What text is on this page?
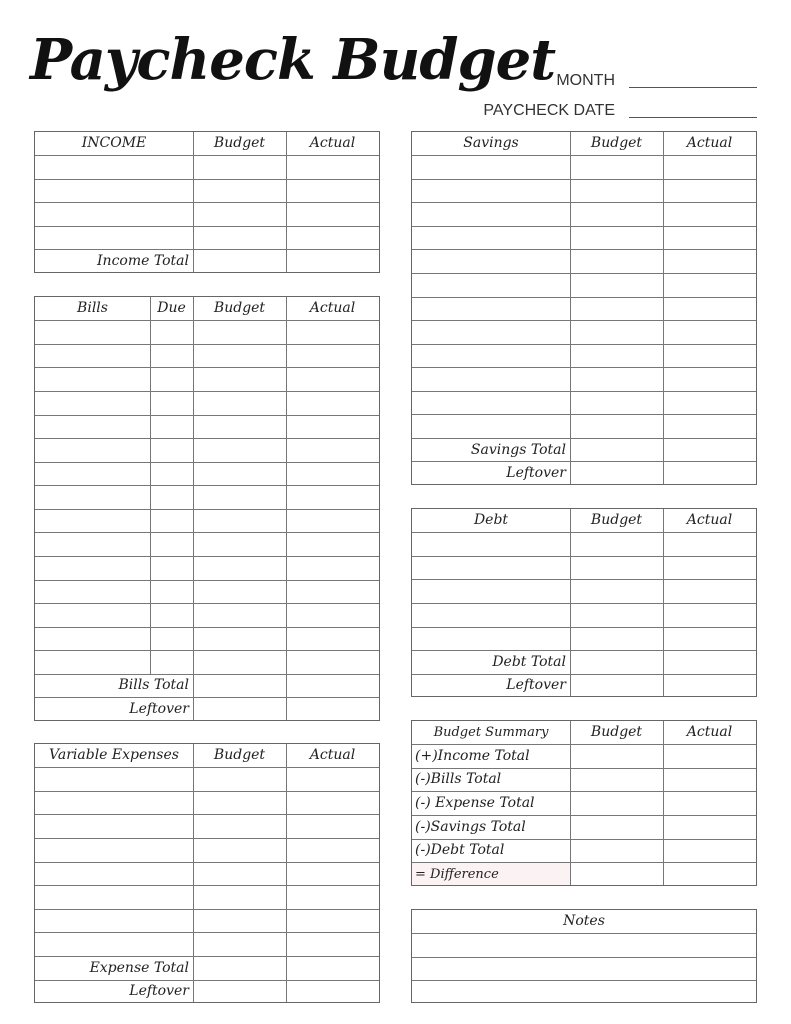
Paycheck Budget MONTH
PAYCHECK DATE
INCOME	Budget	Actual
Income Total
Bills	Due	Budget	Actual
Bills Total
Leftover
Variable Expenses	Budget	Actual
Expense Total
Leftover
Savings	Budget	Actual
Savings Total
Leftover
Debt	Budget	Actual
Debt Total
Leftover
Budget Summary	Budget	Actual
(+)Income Total
(-)Bills Total
(-) Expense Total
(-)Savings Total
(-)Debt Total
= Difference
Notes
